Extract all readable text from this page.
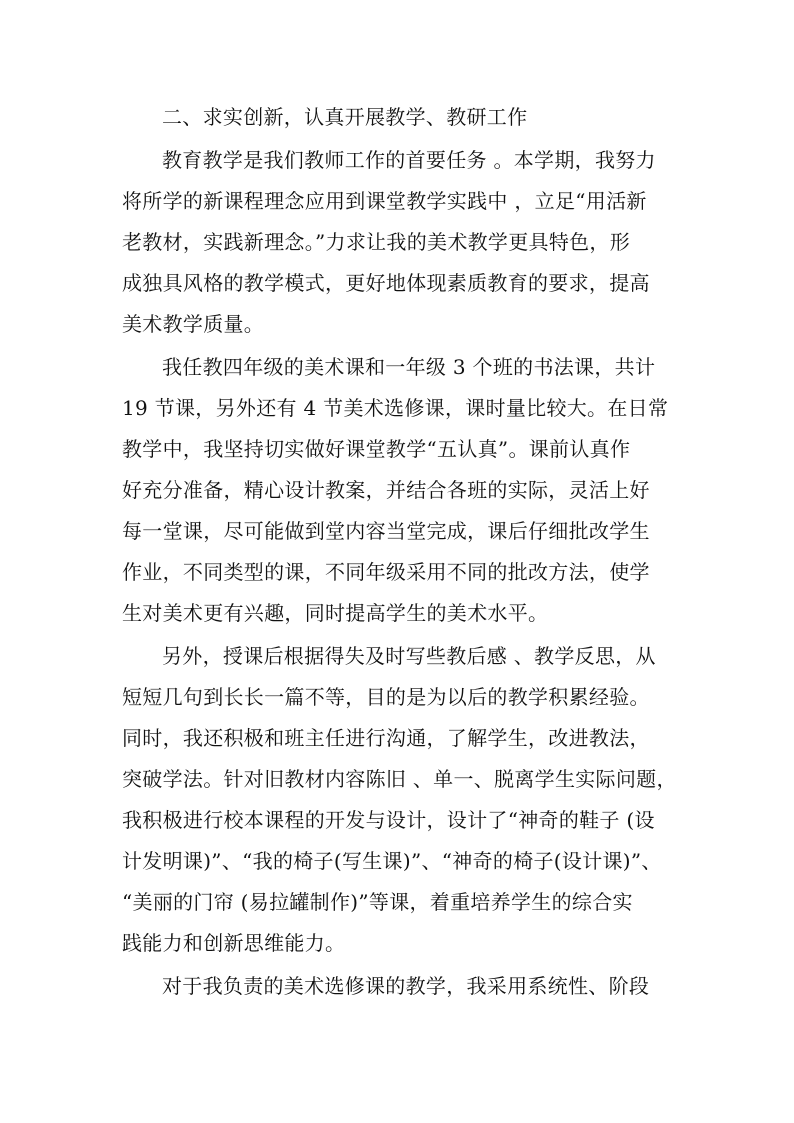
二、求实创新，认真开展教学、教研工作
教育教学是我们教师工作的首要任务 。本学期，我努力
将所学的新课程理念应用到课堂教学实践中 ，立足“用活新
老教材，实践新理念。”力求让我的美术教学更具特色，形
成独具风格的教学模式，更好地体现素质教育的要求，提高
美术教学质量。
我任教四年级的美术课和一年级 3 个班的书法课，共计
19 节课，另外还有 4 节美术选修课，课时量比较大。在日常
教学中，我坚持切实做好课堂教学“五认真”。课前认真作
好充分准备，精心设计教案，并结合各班的实际，灵活上好
每一堂课，尽可能做到堂内容当堂完成，课后仔细批改学生
作业，不同类型的课，不同年级采用不同的批改方法，使学
生对美术更有兴趣，同时提高学生的美术水平。
另外，授课后根据得失及时写些教后感 、教学反思，从
短短几句到长长一篇不等，目的是为以后的教学积累经验。
同时，我还积极和班主任进行沟通，了解学生，改进教法，
突破学法。针对旧教材内容陈旧 、单一、脱离学生实际问题，
我积极进行校本课程的开发与设计，设计了“神奇的鞋子 (设
计发明课)”、“我的椅子(写生课)”、“神奇的椅子(设计课)”、
“美丽的门帘 (易拉罐制作)”等课，着重培养学生的综合实
践能力和创新思维能力。
对于我负责的美术选修课的教学，我采用系统性、阶段
